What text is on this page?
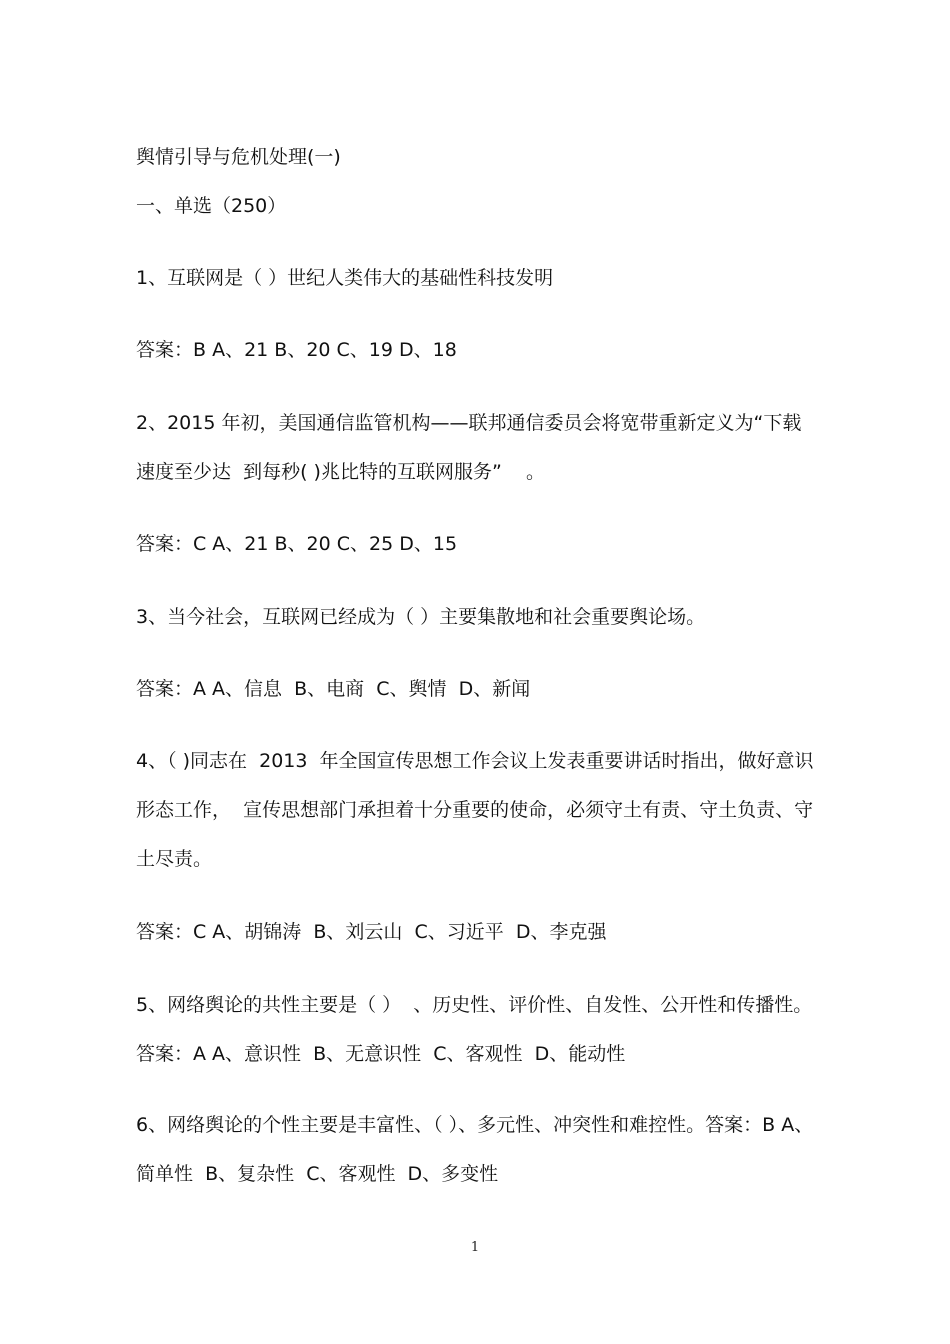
舆情引导与危机处理(一)
一、单选（250）
1、互联网是（ ）世纪人类伟大的基础性科技发明
答案：B A、21 B、20 C、19 D、18
2、2015 年初，美国通信监管机构——联邦通信委员会将宽带重新定义为“下载
速度至少达  到每秒( )兆比特的互联网服务”    。
答案：C A、21 B、20 C、25 D、15
3、当今社会，互联网已经成为（ ）主要集散地和社会重要舆论场。
答案：A A、信息  B、电商  C、舆情  D、新闻
4、（ )同志在  2013  年全国宣传思想工作会议上发表重要讲话时指出，做好意识
形态工作，  宣传思想部门承担着十分重要的使命，必须守土有责、守土负责、守
土尽责。
答案：C A、胡锦涛  B、刘云山  C、习近平  D、李克强
5、网络舆论的共性主要是（ ）  、历史性、评价性、自发性、公开性和传播性。
答案：A A、意识性  B、无意识性  C、客观性  D、能动性
6、网络舆论的个性主要是丰富性、（ ）、多元性、冲突性和难控性。答案：B A、
简单性  B、复杂性  C、客观性  D、多变性
1
